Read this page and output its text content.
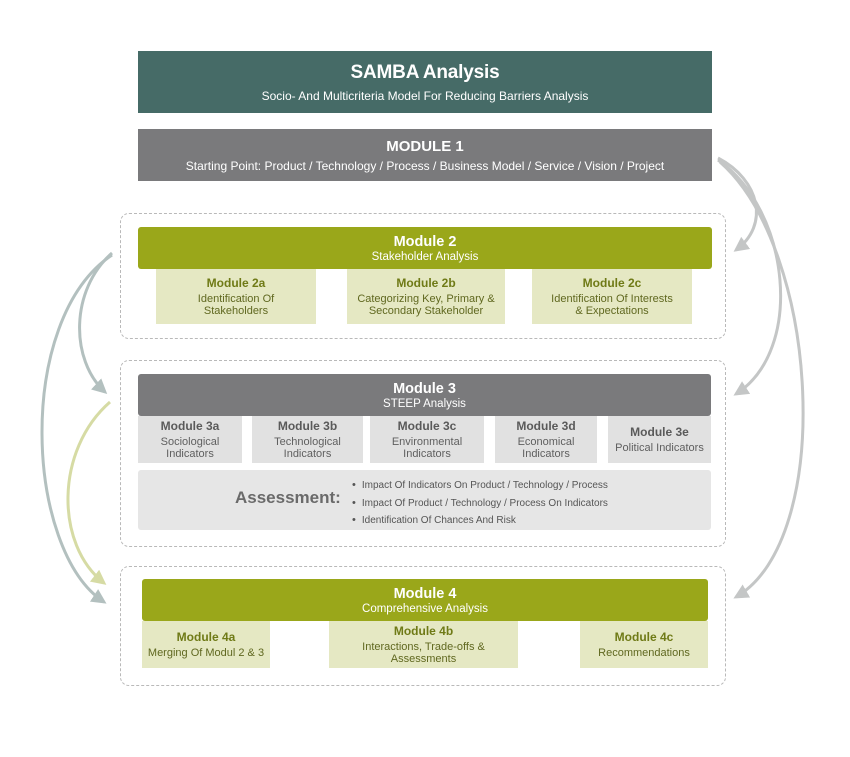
SAMBA Analysis
Socio- And Multicriteria Model For Reducing Barriers Analysis
MODULE 1
Starting Point: Product / Technology / Process / Business Model / Service / Vision / Project
Module 2
Stakeholder Analysis
Module 2a
Identification Of
Stakeholders
Module 2b
Categorizing Key, Primary &
Secondary Stakeholder
Module 2c
Identification Of Interests
& Expectations
Module 3
STEEP Analysis
Module 3a
Sociological Indicators
Module 3b
Technological Indicators
Module 3c
Environmental Indicators
Module 3d
Economical Indicators
Module 3e
Political Indicators
Assessment:
• Impact Of Indicators On Product / Technology / Process
• Impact Of Product / Technology / Process On Indicators
• Identification Of Chances And Risk
Module 4
Comprehensive Analysis
Module 4a
Merging Of Modul 2 & 3
Module 4b
Interactions, Trade-offs & Assessments
Module 4c
Recommendations
